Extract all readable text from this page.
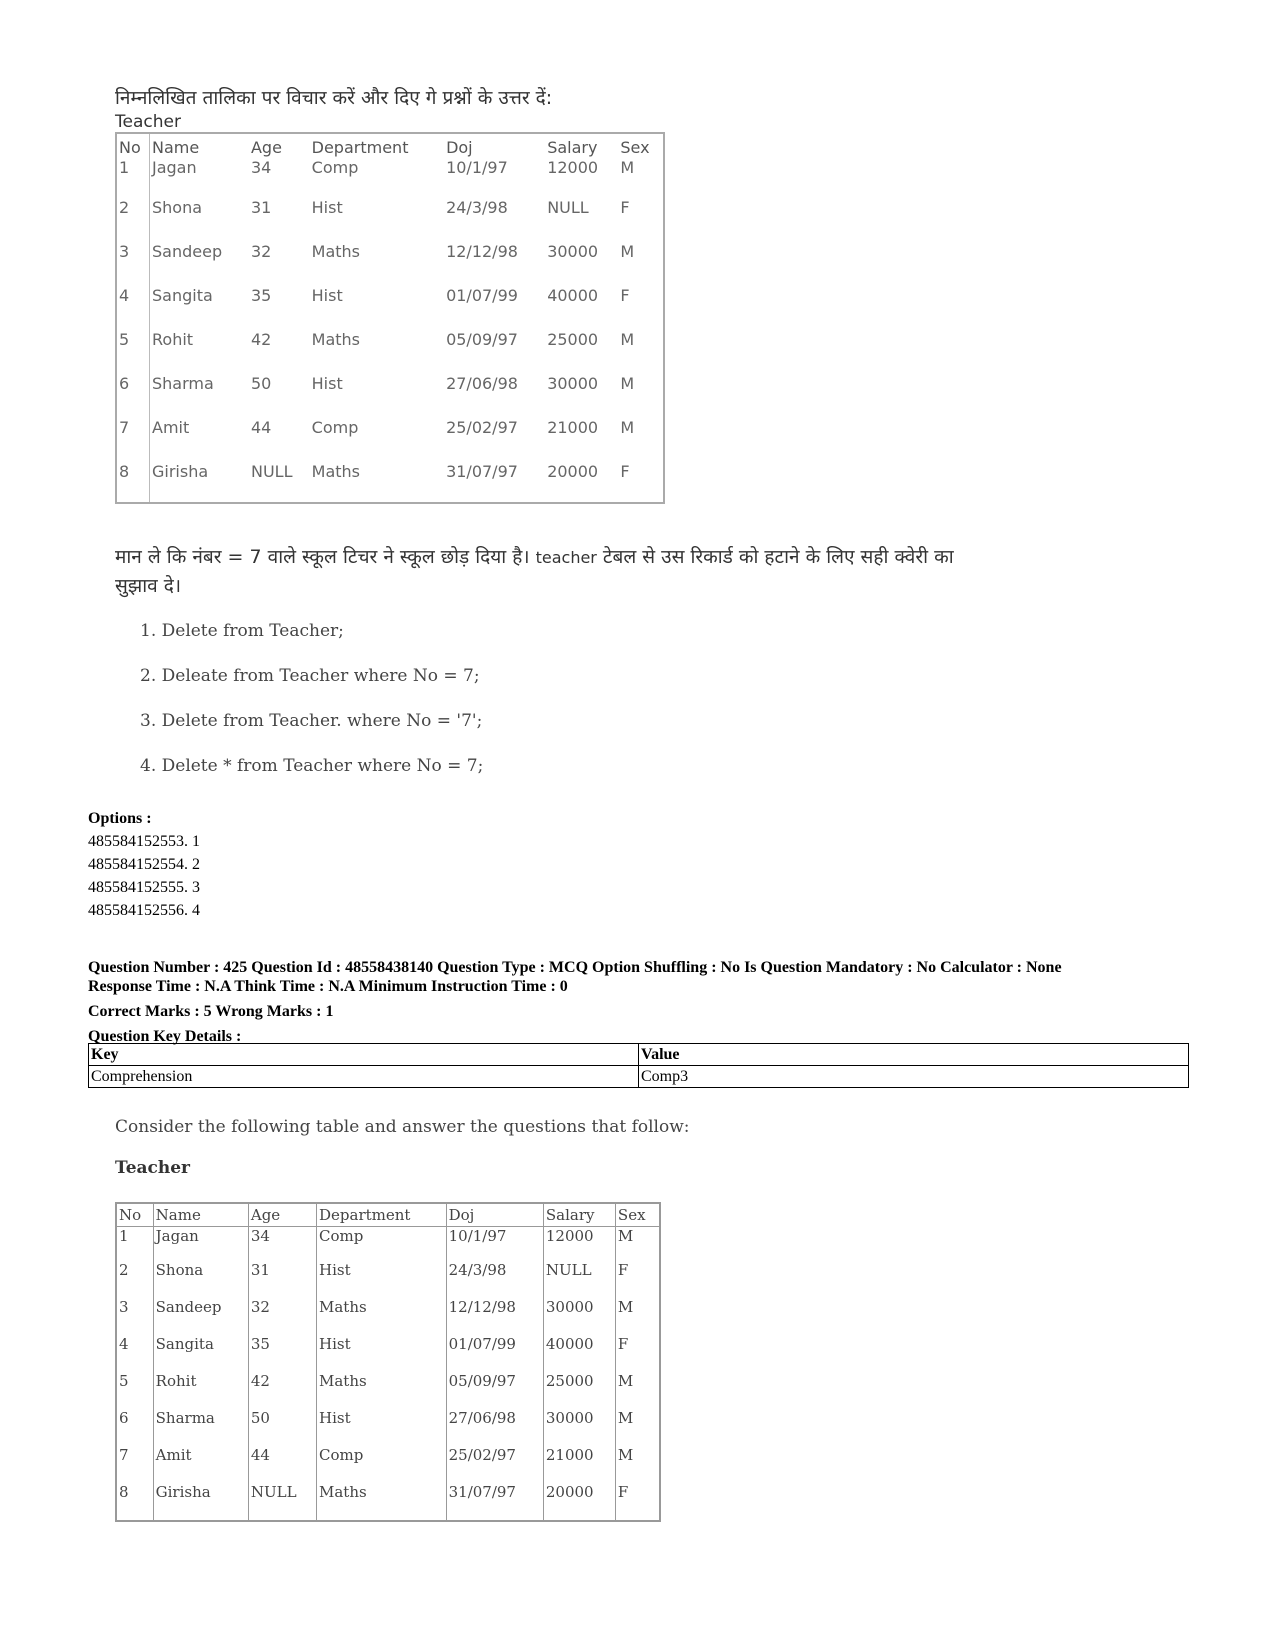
निम्नलिखित तालिका पर विचार करें और दिए गे प्रश्नों के उत्तर दें:

Teacher

No	Name	Age	Department	Doj	Salary	Sex
1	Jagan	34	Comp	10/1/97	12000	M
2	Shona	31	Hist	24/3/98	NULL	F
3	Sandeep	32	Maths	12/12/98	30000	M
4	Sangita	35	Hist	01/07/99	40000	F
5	Rohit	42	Maths	05/09/97	25000	M
6	Sharma	50	Hist	27/06/98	30000	M
7	Amit	44	Comp	25/02/97	21000	M
8	Girisha	NULL	Maths	31/07/97	20000	F
मान ले कि नंबर = 7 वाले स्कूल टिचर ने स्कूल छोड़ दिया है। teacher टेबल से उस रिकार्ड को हटाने के लिए सही क्वेरी का सुझाव दे।
1. Delete from Teacher;
2. Deleate from Teacher where No = 7;
3. Delete from Teacher. where No = '7';
4. Delete * from Teacher where No = 7;
Options :
485584152553. 1
485584152554. 2
485584152555. 3
485584152556. 4

Question Number : 425 Question Id : 48558438140 Question Type : MCQ Option Shuffling : No Is Question Mandatory : No Calculator : None

Response Time : N.A Think Time : N.A Minimum Instruction Time : 0

Correct Marks : 5 Wrong Marks : 1

Question Key Details :

Key	Value
Comprehension	Comp3
Consider the following table and answer the questions that follow:
Teacher
No	Name	Age	Department	Doj	Salary	Sex
1	Jagan	34	Comp	10/1/97	12000	M
2	Shona	31	Hist	24/3/98	NULL	F
3	Sandeep	32	Maths	12/12/98	30000	M
4	Sangita	35	Hist	01/07/99	40000	F
5	Rohit	42	Maths	05/09/97	25000	M
6	Sharma	50	Hist	27/06/98	30000	M
7	Amit	44	Comp	25/02/97	21000	M
8	Girisha	NULL	Maths	31/07/97	20000	F
